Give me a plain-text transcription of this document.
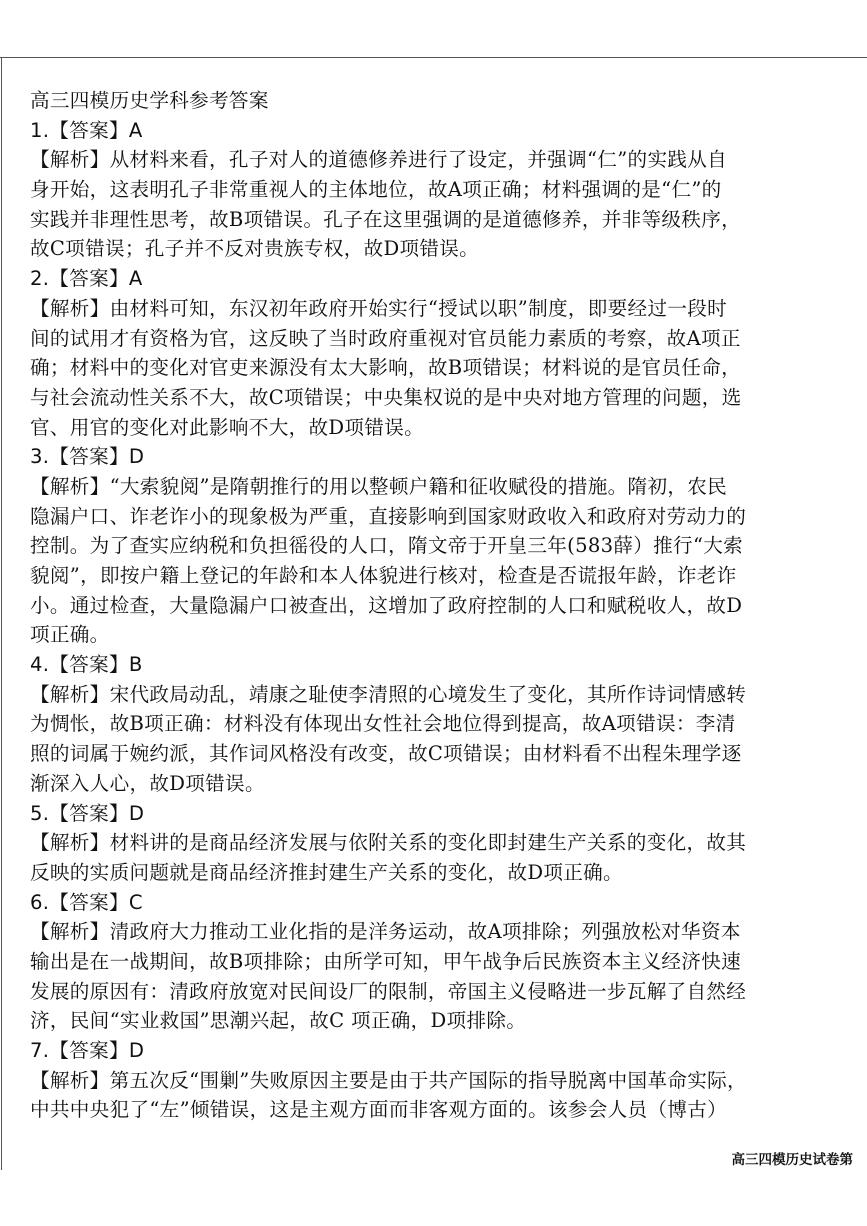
高三四模历史学科参考答案
1.【答案】A
【解析】从材料来看，孔子对人的道德修养进行了设定，并强调“仁”的实践从自
身开始，这表明孔子非常重视人的主体地位，故A项正确；材料强调的是“仁”的
实践并非理性思考，故B项错误。孔子在这里强调的是道德修养，并非等级秩序，
故C项错误；孔子并不反对贵族专权，故D项错误。
2.【答案】A
【解析】由材料可知，东汉初年政府开始实行“授试以职”制度，即要经过一段时
间的试用才有资格为官，这反映了当时政府重视对官员能力素质的考察，故A项正
确；材料中的变化对官吏来源没有太大影响，故B项错误；材料说的是官员任命，
与社会流动性关系不大，故C项错误；中央集权说的是中央对地方管理的问题，选
官、用官的变化对此影响不大，故D项错误。
3.【答案】D
【解析】“大索貌阅”是隋朝推行的用以整顿户籍和征收赋役的措施。隋初，农民
隐漏户口、诈老诈小的现象极为严重，直接影响到国家财政收入和政府对劳动力的
控制。为了查实应纳税和负担徭役的人口，隋文帝于开皇三年(583薛）推行“大索
貌阅”，即按户籍上登记的年龄和本人体貌进行核对，检查是否谎报年龄，诈老诈
小。通过检查，大量隐漏户口被查出，这增加了政府控制的人口和赋税收人，故D
项正确。
4.【答案】B
【解析】宋代政局动乱，靖康之耻使李清照的心境发生了变化，其所作诗词情感转
为惆怅，故B项正确：材料没有体现出女性社会地位得到提高，故A项错误：李清
照的词属于婉约派，其作词风格没有改变，故C项错误；由材料看不出程朱理学逐
渐深入人心，故D项错误。
5.【答案】D
【解析】材料讲的是商品经济发展与依附关系的变化即封建生产关系的变化，故其
反映的实质问题就是商品经济推封建生产关系的变化，故D项正确。
6.【答案】C
【解析】清政府大力推动工业化指的是洋务运动，故A项排除；列强放松对华资本
输出是在一战期间，故B项排除；由所学可知，甲午战争后民族资本主义经济快速
发展的原因有：清政府放宽对民间设厂的限制，帝国主义侵略进一步瓦解了自然经
济，民间“实业救国”思潮兴起，故C 项正确，D项排除。
7.【答案】D
【解析】第五次反“围剿”失败原因主要是由于共产国际的指导脱离中国革命实际，
中共中央犯了“左”倾错误，这是主观方面而非客观方面的。该参会人员（博古）
高三四模历史试卷第
